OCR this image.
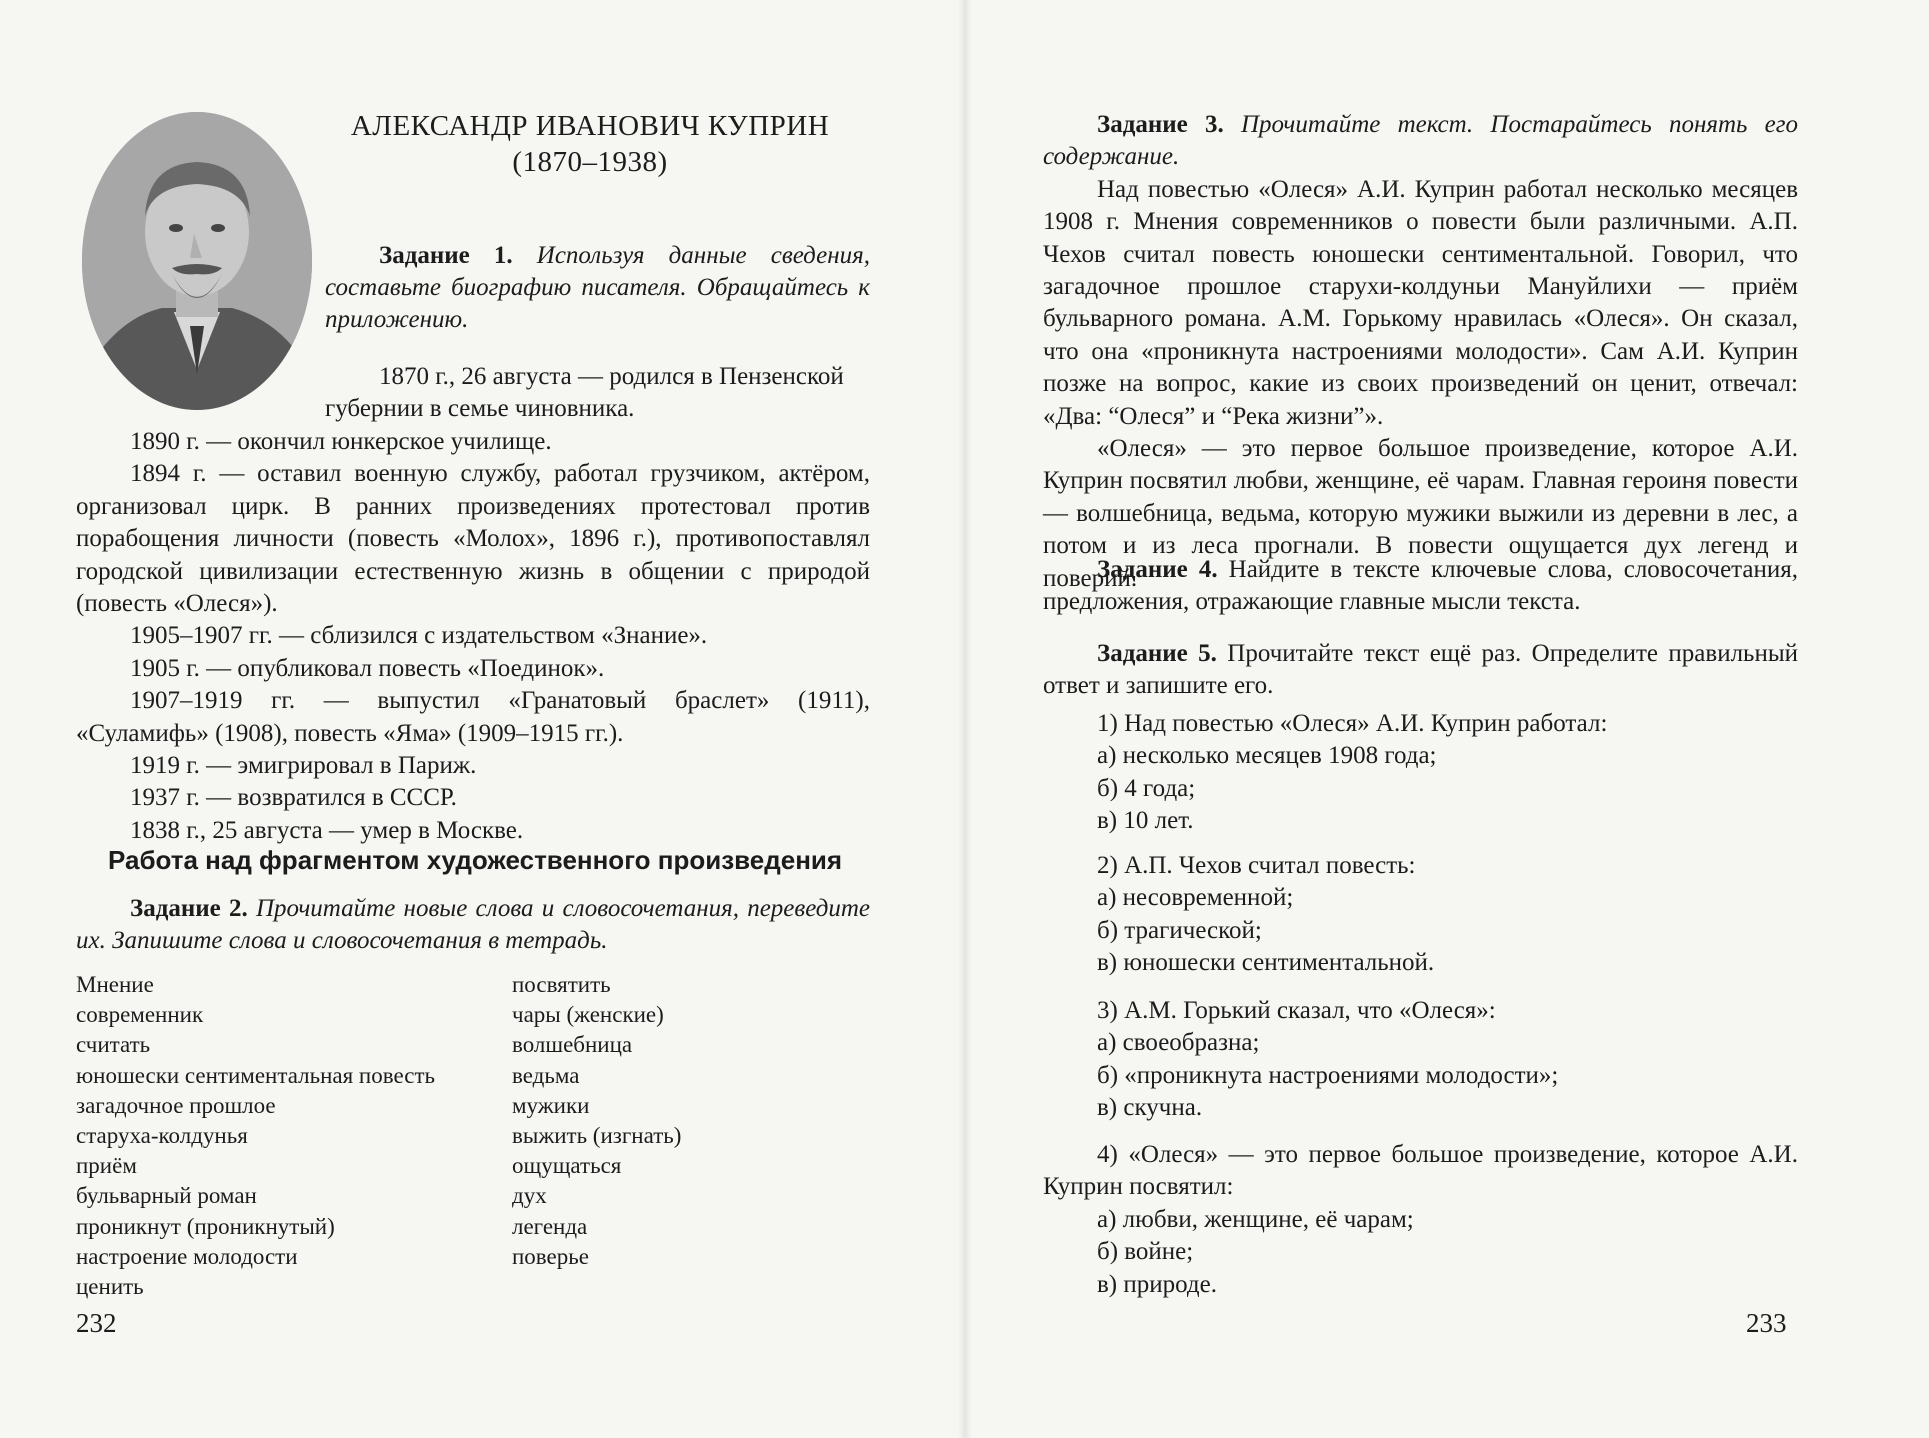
АЛЕКСАНДР ИВАНОВИЧ КУПРИН
(1870–1938)

Задание 1. Используя данные сведения, составьте биографию писателя. Обращайтесь к приложению.

1870 г., 26 августа — родился в Пензенской губернии в семье чиновника.

1890 г. — окончил юнкерское училище.

1894 г. — оставил военную службу, работал грузчиком, актёром, организовал цирк. В ранних произведениях протестовал против порабощения личности (повесть «Молох», 1896 г.), противопоставлял городской цивилизации естественную жизнь в общении с природой (повесть «Олеся»).

1905–1907 гг. — сблизился с издательством «Знание».

1905 г. — опубликовал повесть «Поединок».

1907–1919 гг. — выпустил «Гранатовый браслет» (1911), «Суламифь» (1908), повесть «Яма» (1909–1915 гг.).

1919 г. — эмигрировал в Париж.

1937 г. — возвратился в СССР.

1838 г., 25 августа — умер в Москве.

Работа над фрагментом художественного произведения

Задание 2. Прочитайте новые слова и словосочетания, переведите их. Запишите слова и словосочетания в тетрадь.

Мнение
современник
считать
юношески сентиментальная повесть
загадочное прошлое
старуха-колдунья
приём
бульварный роман
проникнут (проникнутый)
настроение молодости
ценить
посвятить
чары (женские)
волшебница
ведьма
мужики
выжить (изгнать)
ощущаться
дух
легенда
поверье
232

Задание 3. Прочитайте текст. Постарайтесь понять его содержание.

Над повестью «Олеся» А.И. Куприн работал несколько месяцев 1908 г. Мнения современников о повести были различными. А.П. Чехов считал повесть юношески сентиментальной. Говорил, что загадочное прошлое старухи-колдуньи Мануйлихи — приём бульварного романа. А.М. Горькому нравилась «Олеся». Он сказал, что она «проникнута настроениями молодости». Сам А.И. Куприн позже на вопрос, какие из своих произведений он ценит, отвечал: «Два: “Олеся” и “Река жизни”».

«Олеся» — это первое большое произведение, которое А.И. Куприн посвятил любви, женщине, её чарам. Главная героиня повести — волшебница, ведьма, которую мужики выжили из деревни в лес, а потом и из леса прогнали. В повести ощущается дух легенд и поверий.

Задание 4. Найдите в тексте ключевые слова, словосочетания, предложения, отражающие главные мысли текста.

Задание 5. Прочитайте текст ещё раз. Определите правильный ответ и запишите его.

1) Над повестью «Олеся» А.И. Куприн работал:

а) несколько месяцев 1908 года;

б) 4 года;

в) 10 лет.

2) А.П. Чехов считал повесть:

а) несовременной;

б) трагической;

в) юношески сентиментальной.

3) А.М. Горький сказал, что «Олеся»:

а) своеобразна;

б) «проникнута настроениями молодости»;

в) скучна.

4) «Олеся» — это первое большое произведение, которое А.И. Куприн посвятил:

а) любви, женщине, её чарам;

б) войне;

в) природе.

233
